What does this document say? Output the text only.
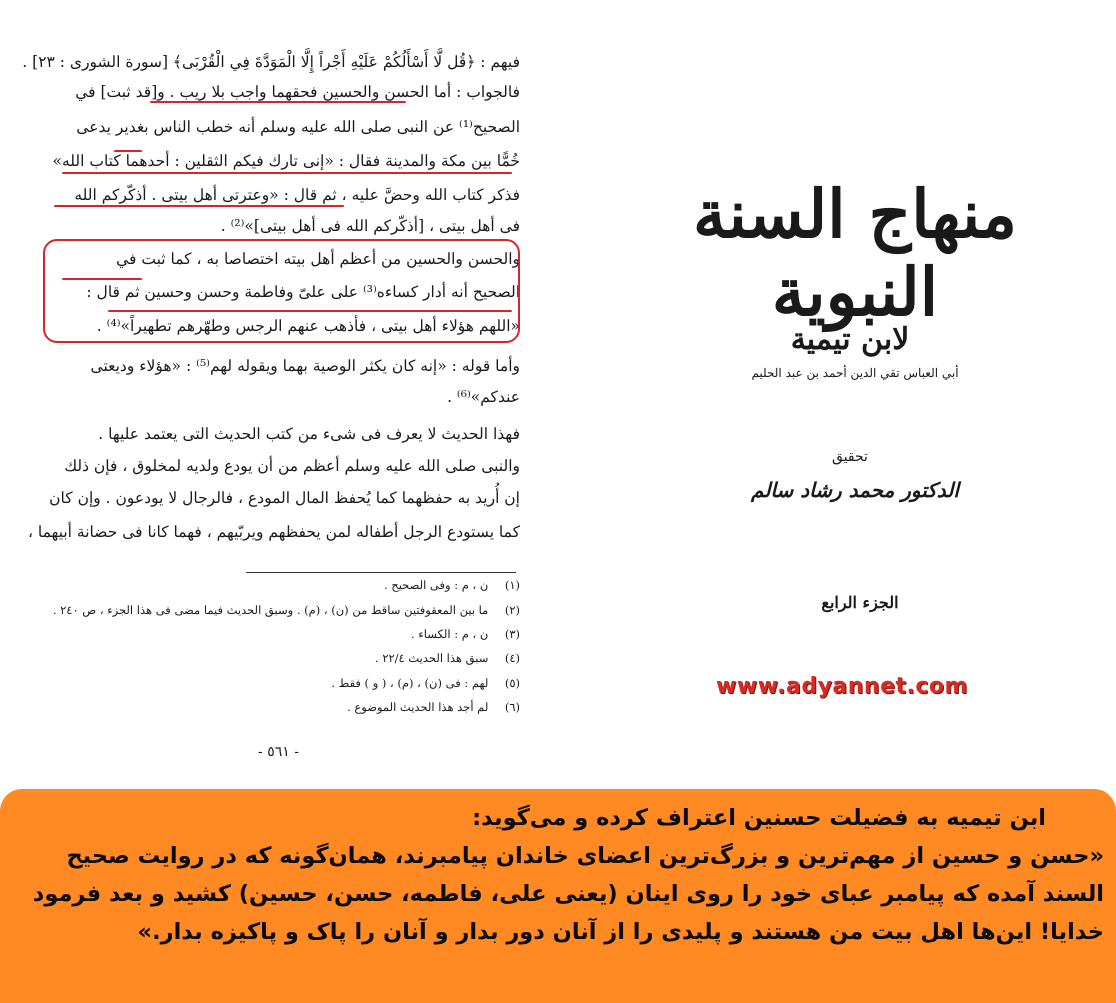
فيهم : ﴿قُل لَّا أَسْأَلُكُمْ عَلَيْهِ أَجْراً إِلَّا الْمَوَدَّةَ فِي الْقُرْبَى﴾ [سورة الشورى : ٢٣] .
فالجواب : أما الحسن والحسين فحقهما واجب بلا ريب . و[قد ثبت] في
الصحيح⁽¹⁾ عن النبى صلى الله عليه وسلم أنه خطب الناس بغدير يدعى
خُمًّا بين مكة والمدينة فقال : «إنى تارك فيكم الثقلين : أحدهما كتاب الله»
فذكر كتاب الله وحضَّ عليه ، ثم قال : «وعترتى أهل بيتى . أذكّركم الله
فى أهل بيتى ، [أذكّركم الله فى أهل بيتى]»⁽²⁾ .
والحسن والحسين من أعظم أهل بيته اختصاصا به ، كما ثبت في
الصحيح أنه أدار كساءه⁽³⁾ على علىّ وفاطمة وحسن وحسين ثم قال :
«اللهم هؤلاء أهل بيتى ، فأذهب عنهم الرجس وطهّرهم تطهيراً»⁽⁴⁾ .
وأما قوله : «إنه كان يكثر الوصية بهما ويقوله لهم⁽⁵⁾ : «هؤلاء وديعتى
عندكم»⁽⁶⁾ .
فهذا الحديث لا يعرف فى شىء من كتب الحديث التى يعتمد عليها .
والنبى صلى الله عليه وسلم أعظم من أن يودع ولديه لمخلوق ، فإن ذلك
إن أُريد به حفظهما كما يُحفظ المال المودع ، فالرجال لا يودعون . وإن كان
كما يستودع الرجل أطفاله لمن يحفظهم ويربّيهم ، فهما كانا فى حضانة أبيهما ،
(١) ن ، م : وفى الصحيح .
(٢) ما بين المعقوفتين ساقط من (ن) ، (م) . وسبق الحديث فيما مضى فى هذا الجزء ، ص ٢٤٠ .
(٣) ن ، م : الكساء .
(٤) سبق هذا الحديث ٢٢/٤ .
(٥) لهم : فى (ن) ، (م) ، ( و ) فقط .
(٦) لم أجد هذا الحديث الموضوع .
- ٥٦١ -
منهاج السنة النبوية
لابن تيمية
أبي العباس تقي الدين أحمد بن عبد الحليم
تحقيق
الدكتور محمد رشاد سالم
الجزء الرابع
www.adyannet.com
ابن تیمیه به فضیلت حسنین اعتراف کرده و می‌گوید:
«حسن و حسین از مهم‌ترین و بزرگ‌ترین اعضای خاندان پیامبرند، همان‌گونه که در روایت صحیح
السند آمده که پیامبر عبای خود را روی اینان (یعنی علی، فاطمه، حسن، حسین) کشید و بعد فرمود
خدایا! این‌ها اهل بیت من هستند و پلیدی را از آنان دور بدار و آنان را پاک و پاکیزه بدار.»
